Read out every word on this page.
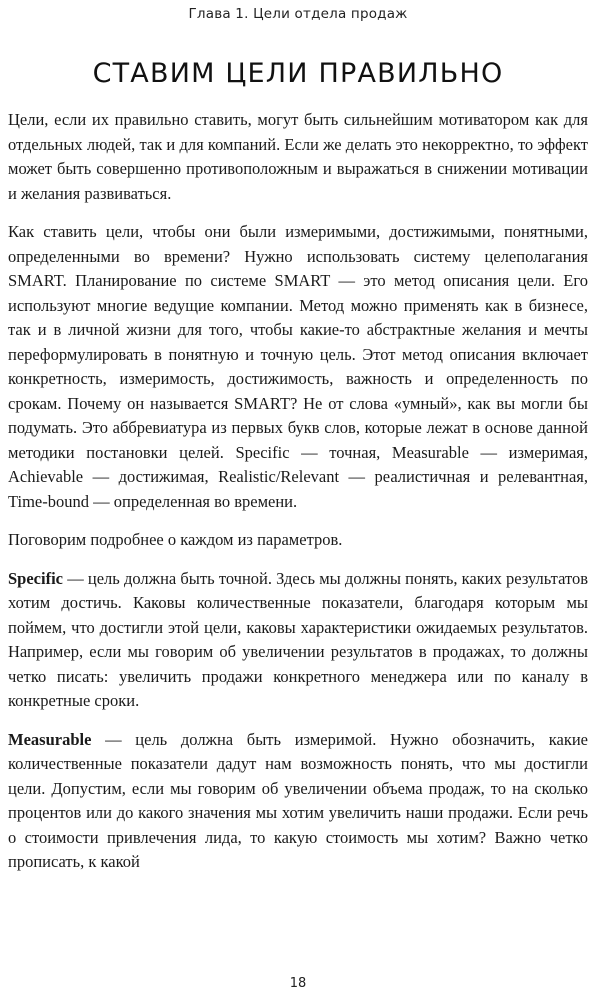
Глава 1. Цели отдела продаж
СТАВИМ ЦЕЛИ ПРАВИЛЬНО

Цели, если их правильно ставить, могут быть сильнейшим мотиватором как для отдельных людей, так и для компаний. Если же делать это некорректно, то эффект может быть совершенно противоположным и выражаться в снижении мотивации и желания развиваться.

Как ставить цели, чтобы они были измеримыми, достижимыми, понятными, определенными во времени? Нужно использовать систему целеполагания SMART. Планирование по системе SMART — это метод описания цели. Его используют многие ведущие компании. Метод можно применять как в бизнесе, так и в личной жизни для того, чтобы какие-то абстрактные желания и мечты переформулировать в понятную и точную цель. Этот метод описания включает конкретность, измеримость, достижимость, важность и определенность по срокам. Почему он называется SMART? Не от слова «умный», как вы могли бы подумать. Это аббревиатура из первых букв слов, которые лежат в основе данной методики постановки целей. Specific — точная, Measurable — измеримая, Achievable — достижимая, Realistic/Relevant — реалистичная и релевантная, Time-bound — определенная во времени.

Поговорим подробнее о каждом из параметров.

Specific — цель должна быть точной. Здесь мы должны понять, каких результатов хотим достичь. Каковы количественные показатели, благодаря которым мы поймем, что достигли этой цели, каковы характеристики ожидаемых результатов. Например, если мы говорим об увеличении результатов в продажах, то должны четко писать: увеличить продажи конкретного менеджера или по каналу в конкретные сроки.

Measurable — цель должна быть измеримой. Нужно обозначить, какие количественные показатели дадут нам возможность понять, что мы достигли цели. Допустим, если мы говорим об увеличении объема продаж, то на сколько процентов или до какого значения мы хотим увеличить наши продажи. Если речь о стоимости привлечения лида, то какую стоимость мы хотим? Важно четко прописать, к какой

18
